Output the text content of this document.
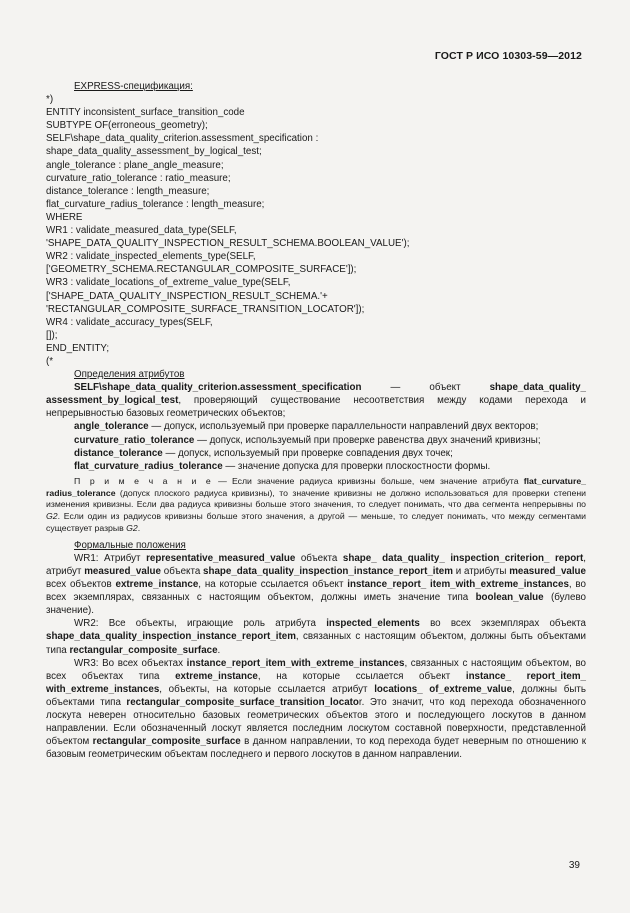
ГОСТ Р ИСО 10303-59—2012
EXPRESS-спецификация:
*)
ENTITY inconsistent_surface_transition_code
SUBTYPE OF(erroneous_geometry);
SELF\shape_data_quality_criterion.assessment_specification :
shape_data_quality_assessment_by_logical_test;
angle_tolerance : plane_angle_measure;
curvature_ratio_tolerance : ratio_measure;
distance_tolerance : length_measure;
flat_curvature_radius_tolerance : length_measure;
WHERE
WR1 : validate_measured_data_type(SELF,
'SHAPE_DATA_QUALITY_INSPECTION_RESULT_SCHEMA.BOOLEAN_VALUE');
WR2 : validate_inspected_elements_type(SELF,
['GEOMETRY_SCHEMA.RECTANGULAR_COMPOSITE_SURFACE']);
WR3 : validate_locations_of_extreme_value_type(SELF,
['SHAPE_DATA_QUALITY_INSPECTION_RESULT_SCHEMA.'+
'RECTANGULAR_COMPOSITE_SURFACE_TRANSITION_LOCATOR']);
WR4 : validate_accuracy_types(SELF,
[]);
END_ENTITY;
(*
Определения атрибутов
SELF\shape_data_quality_criterion.assessment_specification — объект shape_data_quality_ assessment_by_logical_test, проверяющий существование несоответствия между кодами перехода и непрерывностью базовых геометрических объектов;
angle_tolerance — допуск, используемый при проверке параллельности направлений двух векторов;
curvature_ratio_tolerance — допуск, используемый при проверке равенства двух значений кривизны;
distance_tolerance — допуск, используемый при проверке совпадения двух точек;
flat_curvature_radius_tolerance — значение допуска для проверки плоскостности формы.
П р и м е ч а н и е — Если значение радиуса кривизны больше, чем значение атрибута flat_curvature_ radius_tolerance (допуск плоского радиуса кривизны), то значение кривизны не должно использоваться для проверки степени изменения кривизны. Если два радиуса кривизны больше этого значения, то следует понимать, что два сегмента непрерывны по G2. Если один из радиусов кривизны больше этого значения, а другой — меньше, то следует понимать, что между сегментами существует разрыв G2.
Формальные положения
WR1: Атрибут representative_measured_value объекта shape_ data_quality_ inspection_criterion_ report, атрибут measured_value объекта shape_data_quality_inspection_instance_report_item и атрибуты measured_value всех объектов extreme_instance, на которые ссылается объект instance_report_ item_with_extreme_instances, во всех экземплярах, связанных с настоящим объектом, должны иметь значение типа boolean_value (булево значение).
WR2: Все объекты, играющие роль атрибута inspected_elements во всех экземплярах объекта shape_data_quality_inspection_instance_report_item, связанных с настоящим объектом, должны быть объектами типа rectangular_composite_surface.
WR3: Во всех объектах instance_report_item_with_extreme_instances, связанных с настоящим объектом, во всех объектах типа extreme_instance, на которые ссылается объект instance_ report_item_ with_extreme_instances, объекты, на которые ссылается атрибут locations_ of_extreme_value, должны быть объектами типа rectangular_composite_surface_transition_locator. Это значит, что код перехода обозначенного лоскута неверен относительно базовых геометрических объектов этого и последующего лоскутов в данном направлении. Если обозначенный лоскут является последним лоскутом составной поверхности, представленной объектом rectangular_composite_surface в данном направлении, то код перехода будет неверным по отношению к базовым геометрическим объектам последнего и первого лоскутов в данном направлении.
39
